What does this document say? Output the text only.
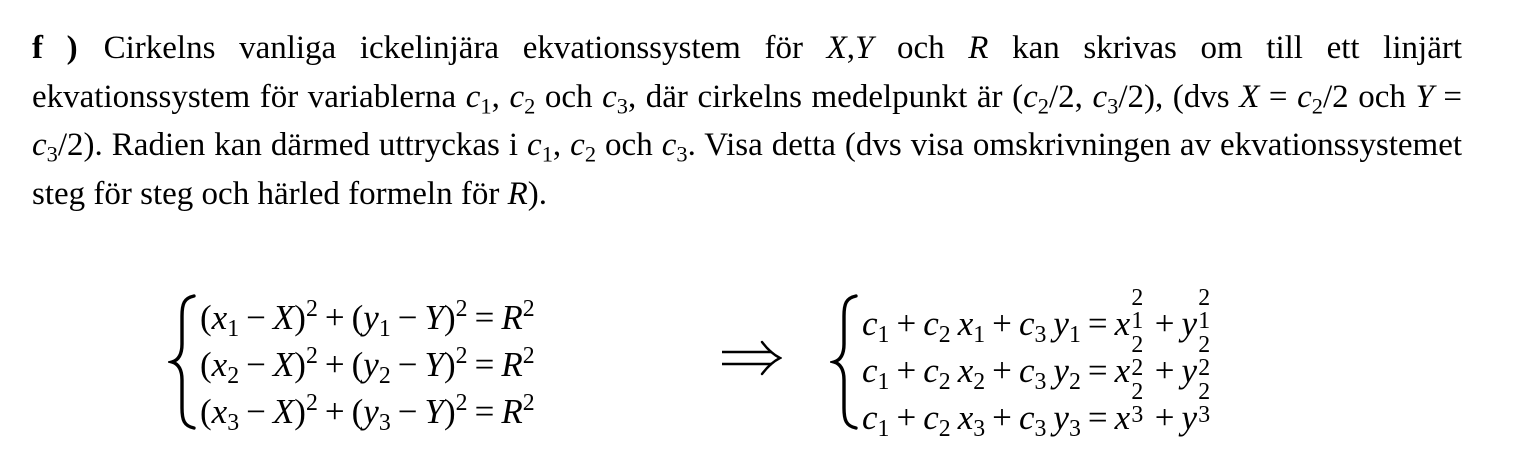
f ) Cirkelns vanliga ickelinjära ekvationssystem för X,Y och R kan skrivas om till ett linjärt ekvationssystem för variablerna $c_1$, $c_2$ och $c_3$, där cirkelns medelpunkt är ($c_2/2$, $c_3/2$), (dvs $X = c_2/2$ och $Y = c_3/2$). Radien kan därmed uttryckas i $c_1$, $c_2$ och $c_3$. Visa detta (dvs visa omskrivningen av ekvationssystemet steg för steg och härled formeln för R).
$(x_1 - X)^2 + (y_1 - Y)^2 = R^2$
$(x_2 - X)^2 + (y_2 - Y)^2 = R^2$
$(x_3 - X)^2 + (y_3 - Y)^2 = R^2$
$c_1 + c_2$  $x_1 + c_3$  $y_1 = x$
2
1
  +  y
2
1
$c_1 + c_2$  $x_2 + c_3$  $y_2 = x$
2
2
  +  y
2
2
$c_1 + c_2$  $x_3 + c_3$  $y_3 = x$
2
3
  +  y
2
3
